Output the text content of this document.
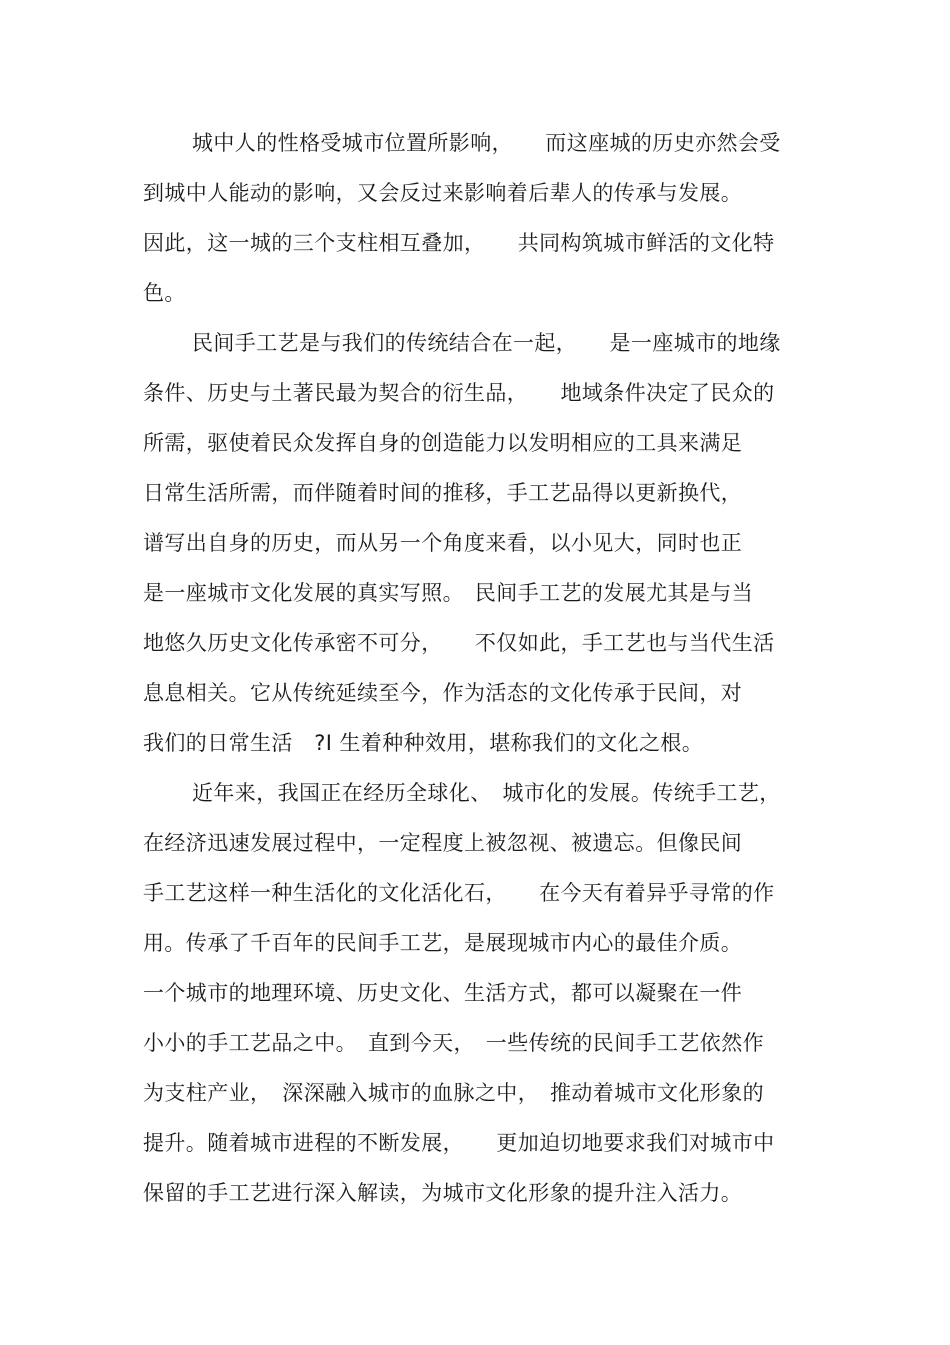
城中人的性格受城市位置所影响，　　而这座城的历史亦然会受
到城中人能动的影响，又会反过来影响着后辈人的传承与发展。
因此，这一城的三个支柱相互叠加，　　共同构筑城市鲜活的文化特
色。
民间手工艺是与我们的传统结合在一起，　　是一座城市的地缘
条件、历史与土著民最为契合的衍生品，　　地域条件决定了民众的
所需，驱使着民众发挥自身的创造能力以发明相应的工具来满足
日常生活所需，而伴随着时间的推移，手工艺品得以更新换代，
谱写出自身的历史，而从另一个角度来看，以小见大，同时也正
是一座城市文化发展的真实写照。　民间手工艺的发展尤其是与当
地悠久历史文化传承密不可分，　　不仅如此，手工艺也与当代生活
息息相关。它从传统延续至今，作为活态的文化传承于民间，对
我们的日常生活　?I 生着种种效用，堪称我们的文化之根。
近年来，我国正在经历全球化、　城市化的发展。传统手工艺，
在经济迅速发展过程中，一定程度上被忽视、被遗忘。但像民间
手工艺这样一种生活化的文化活化石，　　在今天有着异乎寻常的作
用。传承了千百年的民间手工艺，是展现城市内心的最佳介质。
一个城市的地理环境、历史文化、生活方式，都可以凝聚在一件
小小的手工艺品之中。　直到今天，　一些传统的民间手工艺依然作
为支柱产业，　深深融入城市的血脉之中，　推动着城市文化形象的
提升。随着城市进程的不断发展，　　更加迫切地要求我们对城市中
保留的手工艺进行深入解读，为城市文化形象的提升注入活力。
